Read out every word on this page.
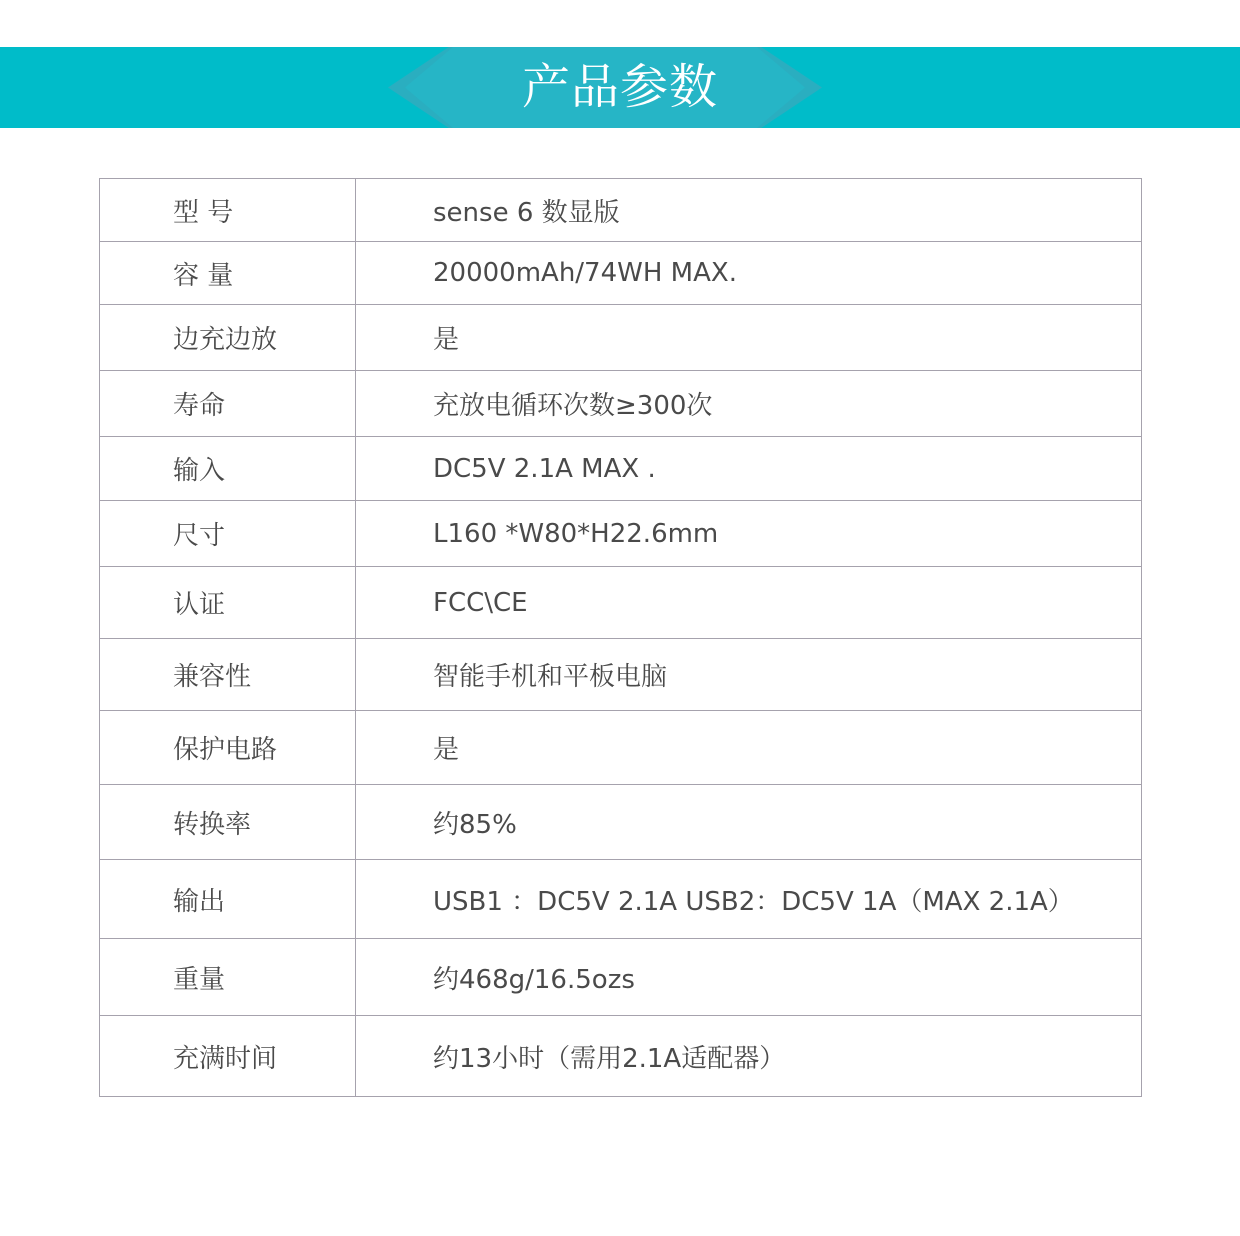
产品参数
型 号	sense 6 数显版
容 量	20000mAh/74WH MAX.
边充边放	是
寿命	充放电循环次数≥300次
输入	DC5V 2.1A MAX .
尺寸	L160 *W80*H22.6mm
认证	FCC\CE
兼容性	智能手机和平板电脑
保护电路	是
转换率	约85%
输出	USB1 ：DC5V 2.1A USB2：DC5V 1A（MAX 2.1A）
重量	约468g/16.5ozs
充满时间	约13小时（需用2.1A适配器）
